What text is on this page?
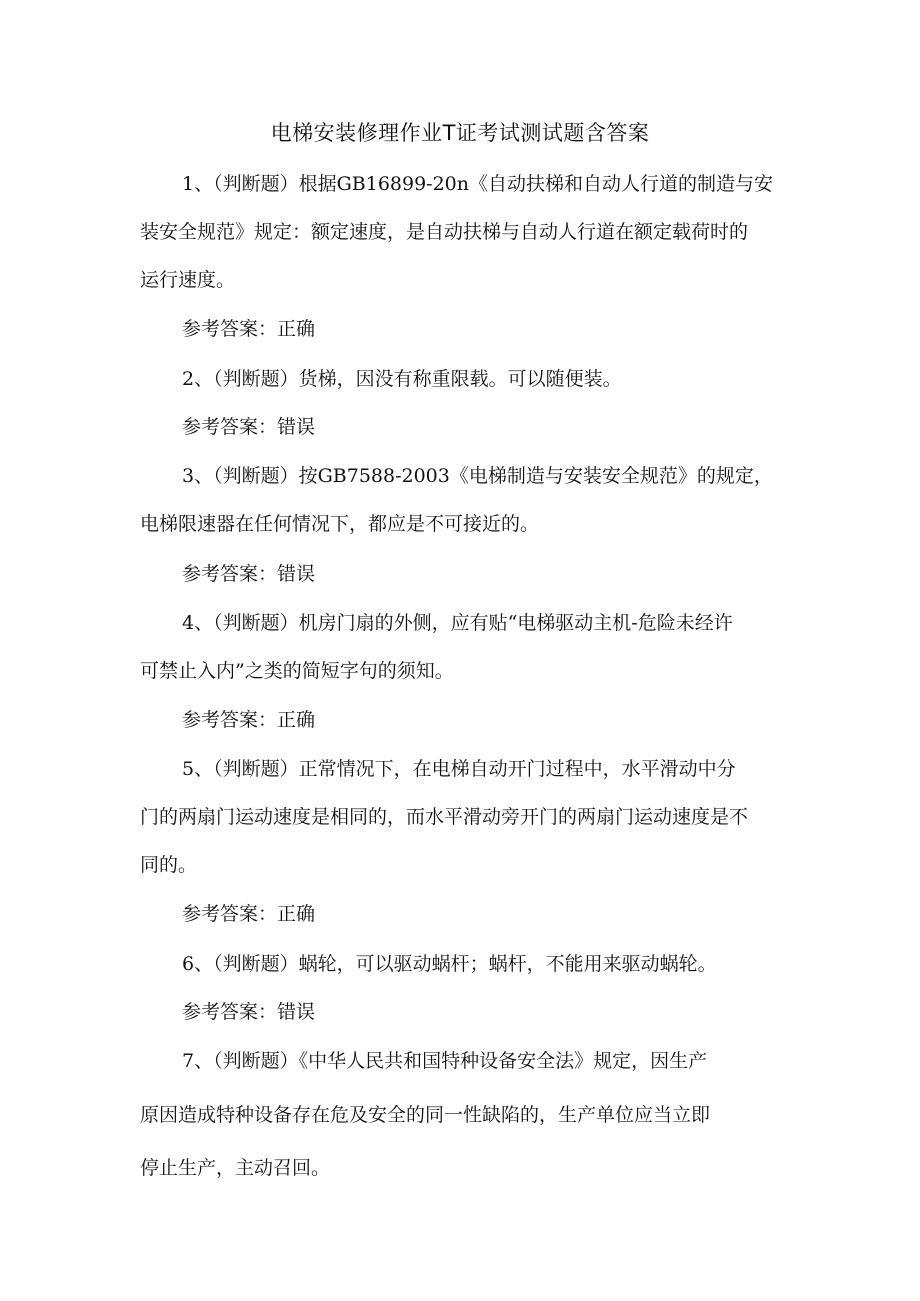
电梯安装修理作业T证考试测试题含答案

1、（判断题）根据GB16899-20n《自动扶梯和自动人行道的制造与安

装安全规范》规定：额定速度，是自动扶梯与自动人行道在额定载荷时的

运行速度。

参考答案：正确

2、（判断题）货梯，因没有称重限载。可以随便装。

参考答案：错误

3、（判断题）按GB7588-2003《电梯制造与安装安全规范》的规定，

电梯限速器在任何情况下，都应是不可接近的。

参考答案：错误

4、（判断题）机房门扇的外侧，应有贴“电梯驱动主机-危险未经许

可禁止入内”之类的简短字句的须知。

参考答案：正确

5、（判断题）正常情况下，在电梯自动开门过程中，水平滑动中分

门的两扇门运动速度是相同的，而水平滑动旁开门的两扇门运动速度是不

同的。

参考答案：正确

6、（判断题）蜗轮，可以驱动蜗杆；蜗杆，不能用来驱动蜗轮。

参考答案：错误

7、（判断题）《中华人民共和国特种设备安全法》规定，因生产

原因造成特种设备存在危及安全的同一性缺陷的，生产单位应当立即

停止生产，主动召回。
